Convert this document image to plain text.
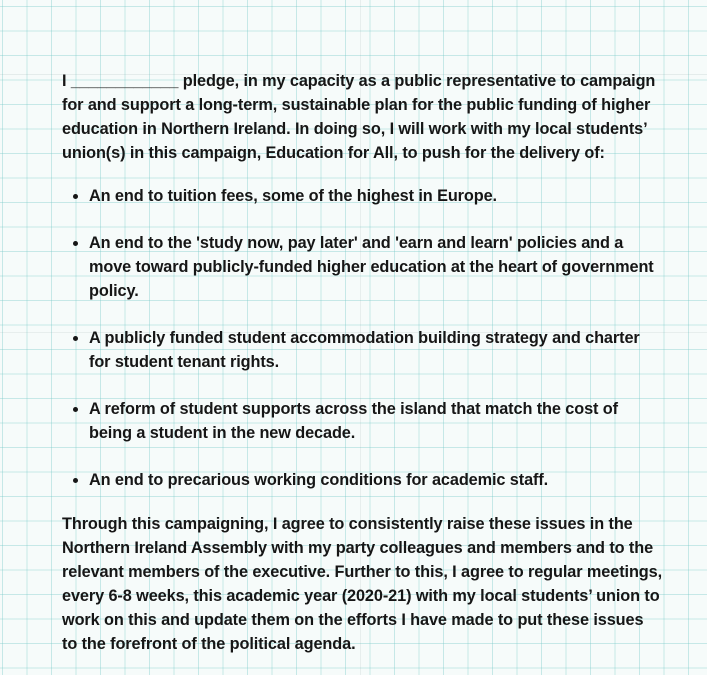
I ____________ pledge, in my capacity as a public representative to campaign for and support a long-term, sustainable plan for the public funding of higher education in Northern Ireland. In doing so, I will work with my local students’ union(s) in this campaign, Education for All, to push for the delivery of:

• An end to tuition fees, some of the highest in Europe.
• An end to the 'study now, pay later' and 'earn and learn' policies and a move toward publicly-funded higher education at the heart of government policy.
• A publicly funded student accommodation building strategy and charter for student tenant rights.
• A reform of student supports across the island that match the cost of being a student in the new decade.
• An end to precarious working conditions for academic staff.

Through this campaigning, I agree to consistently raise these issues in the Northern Ireland Assembly with my party colleagues and members and to the relevant members of the executive. Further to this, I agree to regular meetings, every 6-8 weeks, this academic year (2020-21) with my local students’ union to work on this and update them on the efforts I have made to put these issues to the forefront of the political agenda.
